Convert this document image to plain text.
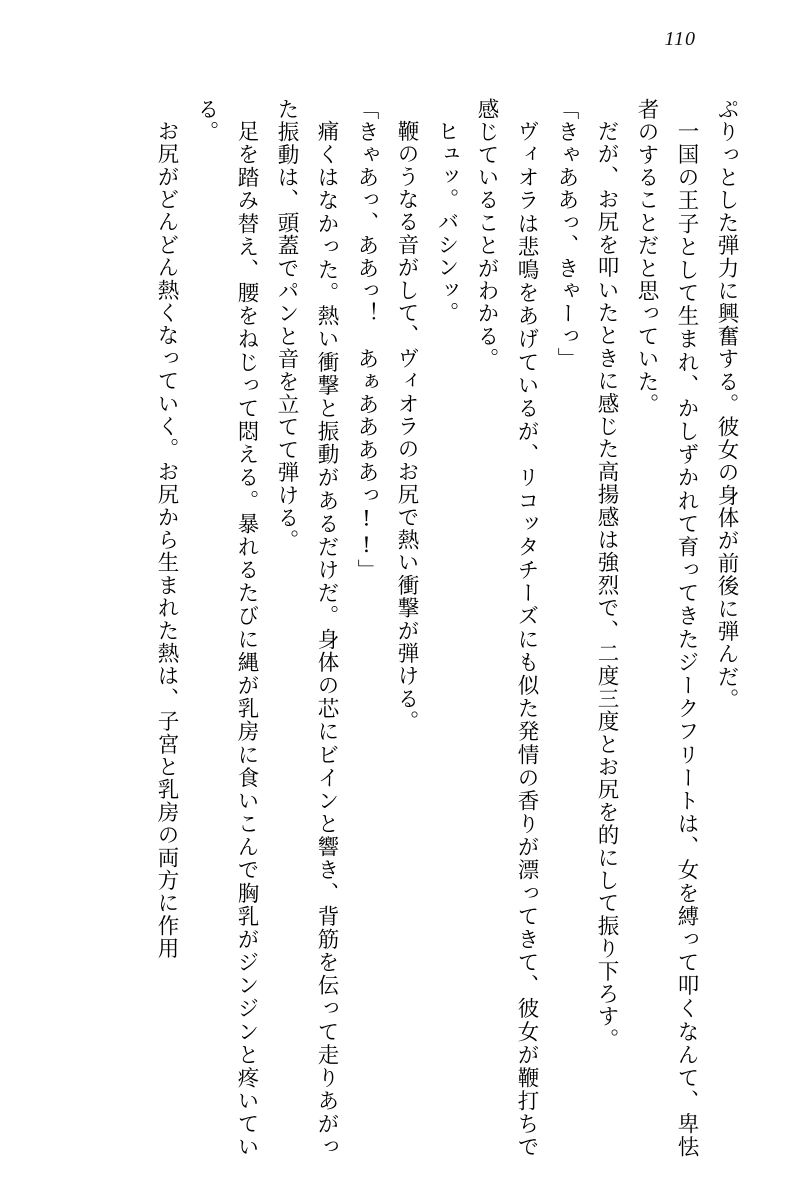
110

ぷりっとした弾力に興奮する。彼女の身体が前後に弾んだ。

一国の王子として生まれ、かしずかれて育ってきたジークフリートは、女を縛って叩くなんて、卑怯者のすることだと思っていた。

だが、お尻を叩いたときに感じた高揚感は強烈で、二度三度とお尻を的にして振り下ろす。

「きゃああっ、きゃーっ」

ヴィオラは悲鳴をあげているが、リコッタチーズにも似た発情の香りが漂ってきて、彼女が鞭打ちで感じていることがわかる。

ヒュッ。バシンッ。

鞭のうなる音がして、ヴィオラのお尻で熱い衝撃が弾ける。

「きゃあっ、ああっ！　あぁああああっ!!」

痛くはなかった。熱い衝撃と振動があるだけだ。身体の芯にビインと響き、背筋を伝って走りあがった振動は、頭蓋でパンと音を立てて弾ける。

足を踏み替え、腰をねじって悶える。暴れるたびに縄が乳房に食いこんで胸乳がジンジンと疼いている。

お尻がどんどん熱くなっていく。お尻から生まれた熱は、子宮と乳房の両方に作用
